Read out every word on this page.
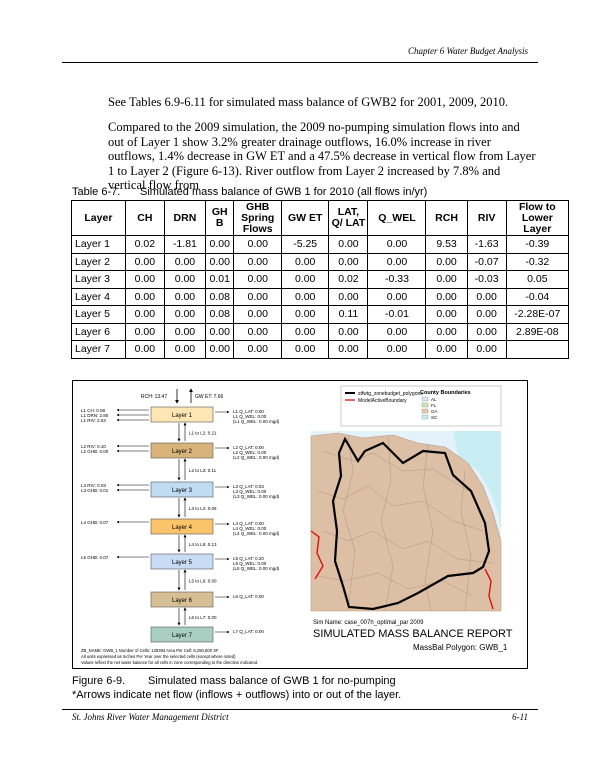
Chapter 6 Water Budget Analysis

See Tables 6.9-6.11 for simulated mass balance of GWB2 for 2001, 2009, 2010.

Compared to the 2009 simulation, the 2009 no-pumping simulation flows into and out of Layer 1 show 3.2% greater drainage outflows, 16.0% increase in river outflows, 1.4% decrease in GW ET and a 47.5% decrease in vertical flow from Layer 1 to Layer 2 (Figure 6-13). River outflow from Layer 2 increased by 7.8% and vertical flow from

Table 6-7. Simulated mass balance of GWB 1 for 2010 (all flows in/yr)
Layer	CH	DRN	GH B	GHB Spring Flows	GW ET	LAT, Q/ LAT	Q_WEL	RCH	RIV	Flow to Lower Layer
Layer 1	0.02	-1.81	0.00	0.00	-5.25	0.00	0.00	9.53	-1.63	-0.39
Layer 2	0.00	0.00	0.00	0.00	0.00	0.00	0.00	0.00	-0.07	-0.32
Layer 3	0.00	0.00	0.01	0.00	0.00	0.02	-0.33	0.00	-0.03	0.05
Layer 4	0.00	0.00	0.08	0.00	0.00	0.00	0.00	0.00	0.00	-0.04
Layer 5	0.00	0.00	0.08	0.00	0.00	0.11	-0.01	0.00	0.00	-2.28E-07
Layer 6	0.00	0.00	0.00	0.00	0.00	0.00	0.00	0.00	0.00	2.89E-08
Layer 7	0.00	0.00	0.00	0.00	0.00	0.00	0.00	0.00	0.00	
RCH: 13.47	GW ET: 7.66
Layer 1
L1 CH: 0.08
L1 DRN: 2.80
L1 RIV: 2.63
L1 Q_LAT: 0.00
L1 Q_WEL: 0.00
(L1 Q_WEL: 0.00 mgd)
L1 to L2: 0.21
Layer 2
L2 RIV: 0.10
L2 GHB: 0.00
L2 Q_LAT: 0.00
L2 Q_WEL: 0.00
(L2 Q_WEL: 0.00 mgd)
L2 to L3: 0.11
Layer 3
L3 RIV: 0.03
L3 GHB: 0.01
L3 Q_LAT: 0.03
L3 Q_WEL: 0.00
(L3 Q_WEL: 0.00 mgd)
L3 to L4: 0.06
Layer 4
L4 GHB: 0.07	L4 Q_LAT: 0.00
L4 Q_WEL: 0.00
(L4 Q_WEL: 0.00 mgd)
L4 to L5: 0.13
Layer 5
L5 GHB: 0.07	L5 Q_LAT: 0.20
L5 Q_WEL: 0.00
(L5 Q_WEL: 0.00 mgd)
L5 to L6: 0.00
Layer 6
L6 Q_LAT: 0.00
L6 to L7: 0.00
Layer 7
L7 Q_LAT: 0.00
stfwtg_zonebudget_polygons
ModelActiveBoundary
County Boundaries
AL
FL
GA
SC
Sim Name: case_007h_optimal_par 2009
SIMULATED MASS BALANCE REPORT
MassBal Polygon: GWB_1
ZB_NAME: GWB_1 Number of Cells: 129393 Area Per Cell: 6,250,500 SF
All units expressed as Inches Per Year over the selected cells (except where noted)
Values reflect the net water balance for all cells in zone corresponding to the direction indicated.
Figure 6-9. Simulated mass balance of GWB 1 for no-pumping
*Arrows indicate net flow (inflows + outflows) into or out of the layer.
St. Johns River Water Management District	6-11
